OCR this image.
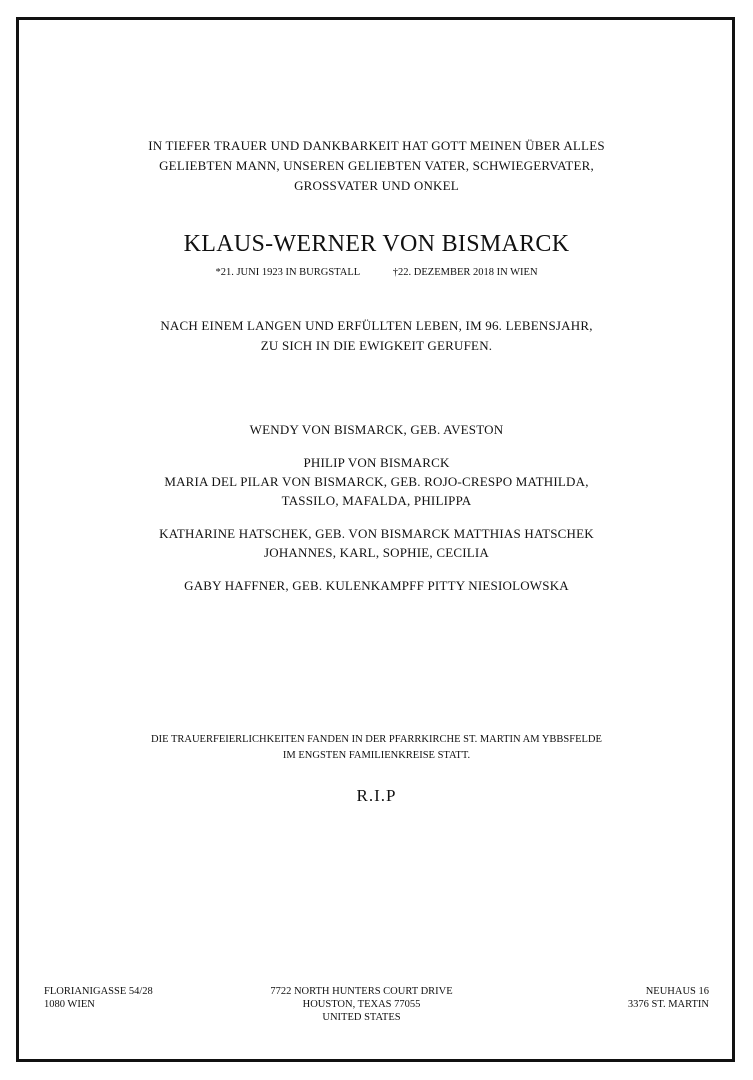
IN TIEFER TRAUER UND DANKBARKEIT HAT GOTT MEINEN ÜBER ALLES
GELIEBTEN MANN, UNSEREN GELIEBTEN VATER, SCHWIEGERVATER,
GROSSVATER UND ONKEL
KLAUS-WERNER VON BISMARCK
*21. JUNI 1923 IN BURGSTALL	†22. DEZEMBER 2018 IN WIEN
NACH EINEM LANGEN UND ERFÜLLTEN LEBEN, IM 96. LEBENSJAHR,
ZU SICH IN DIE EWIGKEIT GERUFEN.
WENDY VON BISMARCK, GEB. AVESTON
PHILIP VON BISMARCK
MARIA DEL PILAR VON BISMARCK, GEB. ROJO-CRESPO MATHILDA,
TASSILO, MAFALDA, PHILIPPA
KATHARINE HATSCHEK, GEB. VON BISMARCK MATTHIAS HATSCHEK
JOHANNES, KARL, SOPHIE, CECILIA
GABY HAFFNER, GEB. KULENKAMPFF PITTY NIESIOLOWSKA
DIE TRAUERFEIERLICHKEITEN FANDEN IN DER PFARRKIRCHE ST. MARTIN AM YBBSFELDE
IM ENGSTEN FAMILIENKREISE STATT.
R.I.P
FLORIANIGASSE 54/28
1080 WIEN
7722 NORTH HUNTERS COURT DRIVE
HOUSTON, TEXAS 77055
UNITED STATES
NEUHAUS 16
3376 ST. MARTIN
